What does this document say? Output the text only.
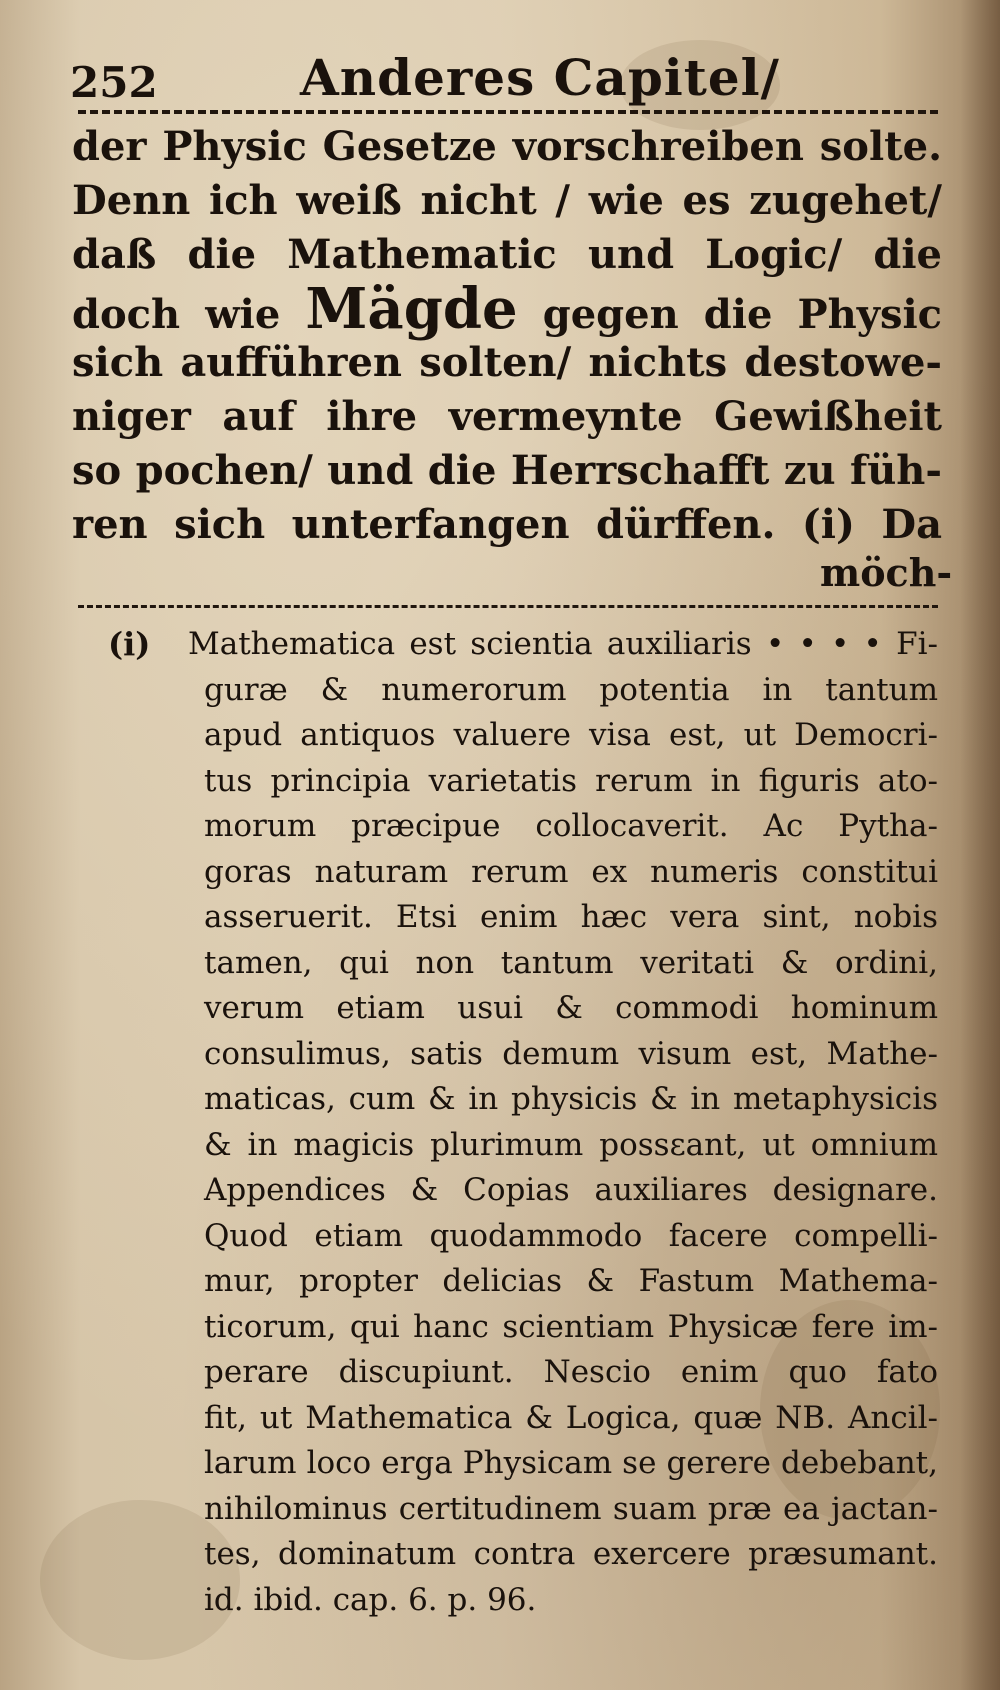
252	Anderes Capitel/
der Physic Gesetze vorschreiben solte.
Denn ich weiß nicht / wie es zugehet/
daß die Mathematic und Logic/ die
doch wie Mägde gegen die Physic
sich aufführen solten/ nichts destowe-
niger auf ihre vermeynte Gewißheit
so pochen/ und die Herrschafft zu füh-
ren sich unterfangen dürffen. (i) Da
möch-
(i) Mathematica est scientia auxiliaris • • • • Fi-
guræ & numerorum potentia in tantum
apud antiquos valuere visa est, ut Democri-
tus principia varietatis rerum in figuris ato-
morum præcipue collocaverit. Ac Pytha-
goras naturam rerum ex numeris constitui
asseruerit. Etsi enim hæc vera sint, nobis
tamen, qui non tantum veritati & ordini,
verum etiam usui & commodi hominum
consulimus, satis demum visum est, Mathe-
maticas, cum & in physicis & in metaphysicis
& in magicis plurimum possεant, ut omnium
Appendices & Copias auxiliares designare.
Quod etiam quodammodo facere compelli-
mur, propter delicias & Fastum Mathema-
ticorum, qui hanc scientiam Physicæ fere im-
perare discupiunt. Nescio enim quo fato
fit, ut Mathematica & Logica, quæ NB. Ancil-
larum loco erga Physicam se gerere debebant,
nihilominus certitudinem suam præ ea jactan-
tes, dominatum contra exercere præsumant.
id. ibid. cap. 6. p. 96.
